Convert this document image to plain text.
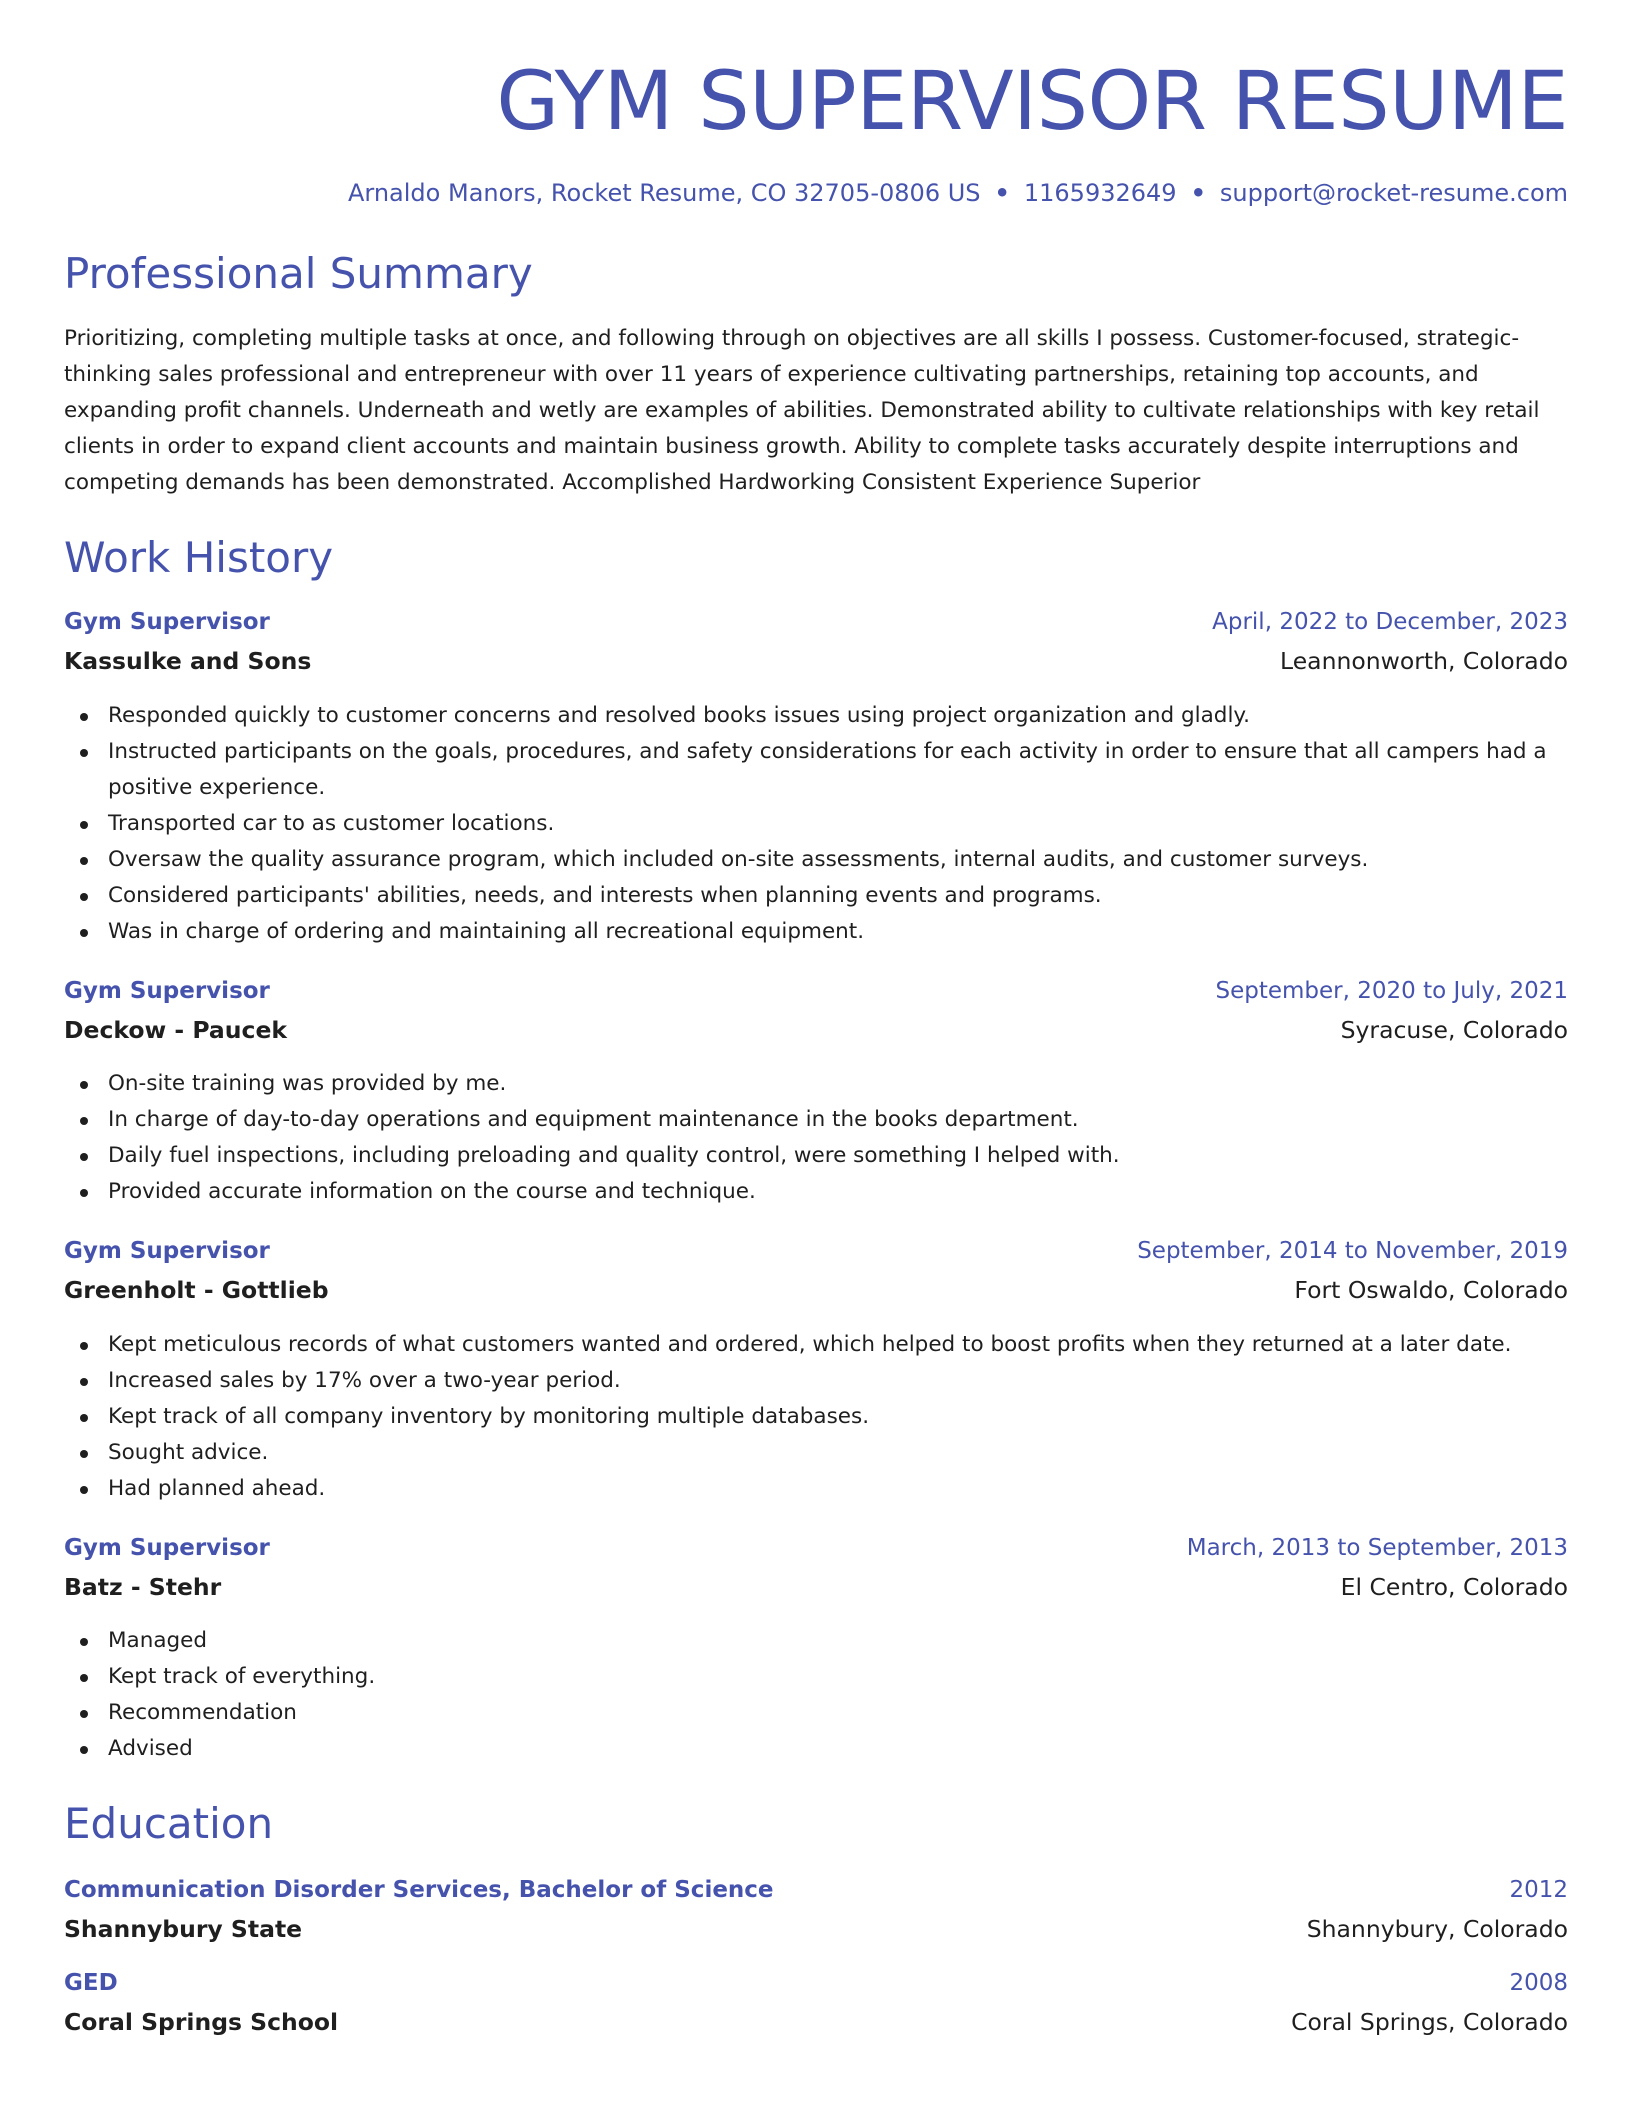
GYM SUPERVISOR RESUME
Arnaldo Manors, Rocket Resume, CO 32705-0806 US • 1165932649 • support@rocket-resume.com
Professional Summary
Prioritizing, completing multiple tasks at once, and following through on objectives are all skills I possess. Customer-focused, strategic-thinking sales professional and entrepreneur with over 11 years of experience cultivating partnerships, retaining top accounts, and expanding profit channels. Underneath and wetly are examples of abilities. Demonstrated ability to cultivate relationships with key retail clients in order to expand client accounts and maintain business growth. Ability to complete tasks accurately despite interruptions and competing demands has been demonstrated. Accomplished Hardworking Consistent Experience Superior
Work History
Gym Supervisor	April, 2022 to December, 2023
Kassulke and Sons	Leannonworth, Colorado
Responded quickly to customer concerns and resolved books issues using project organization and gladly.
Instructed participants on the goals, procedures, and safety considerations for each activity in order to ensure that all campers had a positive experience.
Transported car to as customer locations.
Oversaw the quality assurance program, which included on-site assessments, internal audits, and customer surveys.
Considered participants' abilities, needs, and interests when planning events and programs.
Was in charge of ordering and maintaining all recreational equipment.
Gym Supervisor	September, 2020 to July, 2021
Deckow - Paucek	Syracuse, Colorado
On-site training was provided by me.
In charge of day-to-day operations and equipment maintenance in the books department.
Daily fuel inspections, including preloading and quality control, were something I helped with.
Provided accurate information on the course and technique.
Gym Supervisor	September, 2014 to November, 2019
Greenholt - Gottlieb	Fort Oswaldo, Colorado
Kept meticulous records of what customers wanted and ordered, which helped to boost profits when they returned at a later date.
Increased sales by 17% over a two-year period.
Kept track of all company inventory by monitoring multiple databases.
Sought advice.
Had planned ahead.
Gym Supervisor	March, 2013 to September, 2013
Batz - Stehr	El Centro, Colorado
Managed
Kept track of everything.
Recommendation
Advised
Education
Communication Disorder Services, Bachelor of Science	2012
Shannybury State	Shannybury, Colorado
GED	2008
Coral Springs School	Coral Springs, Colorado
